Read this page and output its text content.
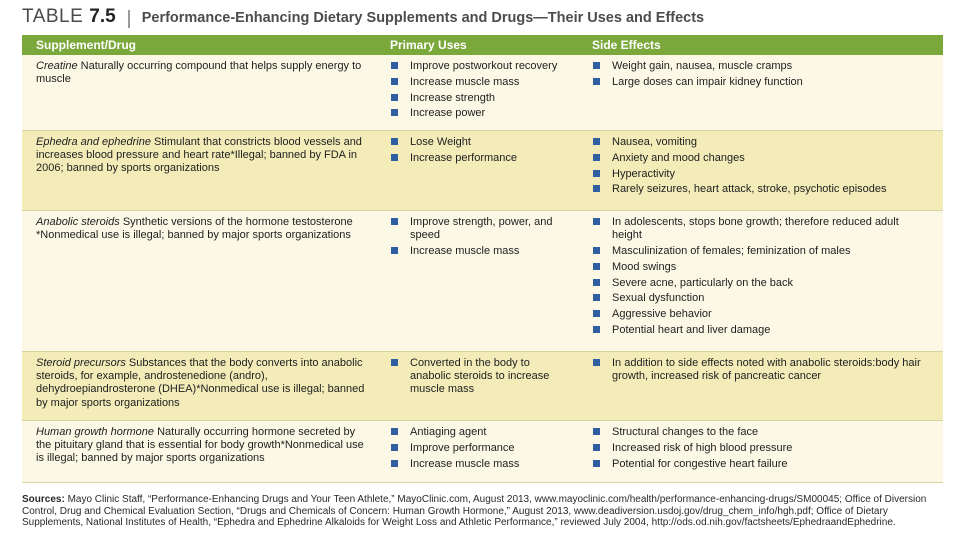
TABLE 7.5 Performance-Enhancing Dietary Supplements and Drugs—Their Uses and Effects
Supplement/Drug	Primary Uses	Side Effects
Creatine Naturally occurring compound that helps supply energy to muscle
Improve postworkout recovery
Increase muscle mass
Increase strength
Increase power
Weight gain, nausea, muscle cramps
Large doses can impair kidney function
Ephedra and ephedrine Stimulant that constricts blood vessels and increases blood pressure and heart rate*Illegal; banned by FDA in 2006; banned by sports organizations
Lose Weight
Increase performance
Nausea, vomiting
Anxiety and mood changes
Hyperactivity
Rarely seizures, heart attack, stroke, psychotic episodes
Anabolic steroids Synthetic versions of the hormone testosterone *Nonmedical use is illegal; banned by major sports organizations
Improve strength, power, and speed
Increase muscle mass
In adolescents, stops bone growth; therefore reduced adult height
Masculinization of females; feminization of males
Mood swings
Severe acne, particularly on the back
Sexual dysfunction
Aggressive behavior
Potential heart and liver damage
Steroid precursors Substances that the body converts into anabolic steroids, for example, androstenedione (andro), dehydroepiandrosterone (DHEA)*Nonmedical use is illegal; banned by major sports organizations
Converted in the body to anabolic steroids to increase muscle mass
In addition to side effects noted with anabolic steroids:body hair growth, increased risk of pancreatic cancer
Human growth hormone Naturally occurring hormone secreted by the pituitary gland that is essential for body growth*Nonmedical use is illegal; banned by major sports organizations
Antiaging agent
Improve performance
Increase muscle mass
Structural changes to the face
Increased risk of high blood pressure
Potential for congestive heart failure
Sources: Mayo Clinic Staff, “Performance-Enhancing Drugs and Your Teen Athlete,” MayoClinic.com, August 2013, www.mayoclinic.com/health/performance-enhancing-drugs/SM00045; Office of Diversion Control, Drug and Chemical Evaluation Section, “Drugs and Chemicals of Concern: Human Growth Hormone,” August 2013, www.deadiversion.usdoj.gov/drug_chem_info/hgh.pdf; Office of Dietary Supplements, National Institutes of Health, “Ephedra and Ephedrine Alkaloids for Weight Loss and Athletic Performance,” reviewed July 2004, http://ods.od.nih.gov/factsheets/EphedraandEphedrine.
